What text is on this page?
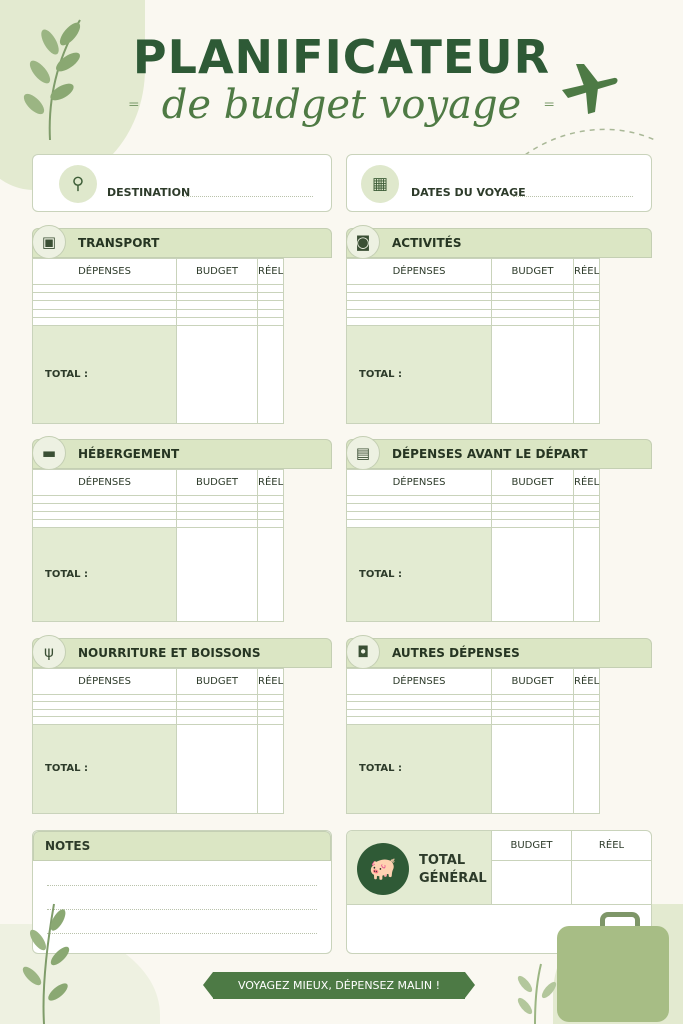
PLANIFICATEUR
⁼ de budget voyage	⁼
⚲	DESTINATION	▦	DATES DU VOYAGE
▣	TRANSPORT
DÉPENSES	BUDGET	RÉEL

TOTAL :		
◙	ACTIVITÉS
DÉPENSES	BUDGET	RÉEL

TOTAL :		
▬	HÉBERGEMENT
DÉPENSES	BUDGET	RÉEL

TOTAL :		
▤	DÉPENSES AVANT LE DÉPART
DÉPENSES	BUDGET	RÉEL

TOTAL :		
ψ	NOURRITURE ET BOISSONS
DÉPENSES	BUDGET	RÉEL

TOTAL :		
◘	AUTRES DÉPENSES
DÉPENSES	BUDGET	RÉEL

TOTAL :		
NOTES
🐖	TOTAL
GÉNÉRAL
BUDGET	RÉEL
VOYAGEZ MIEUX, DÉPENSEZ MALIN !
